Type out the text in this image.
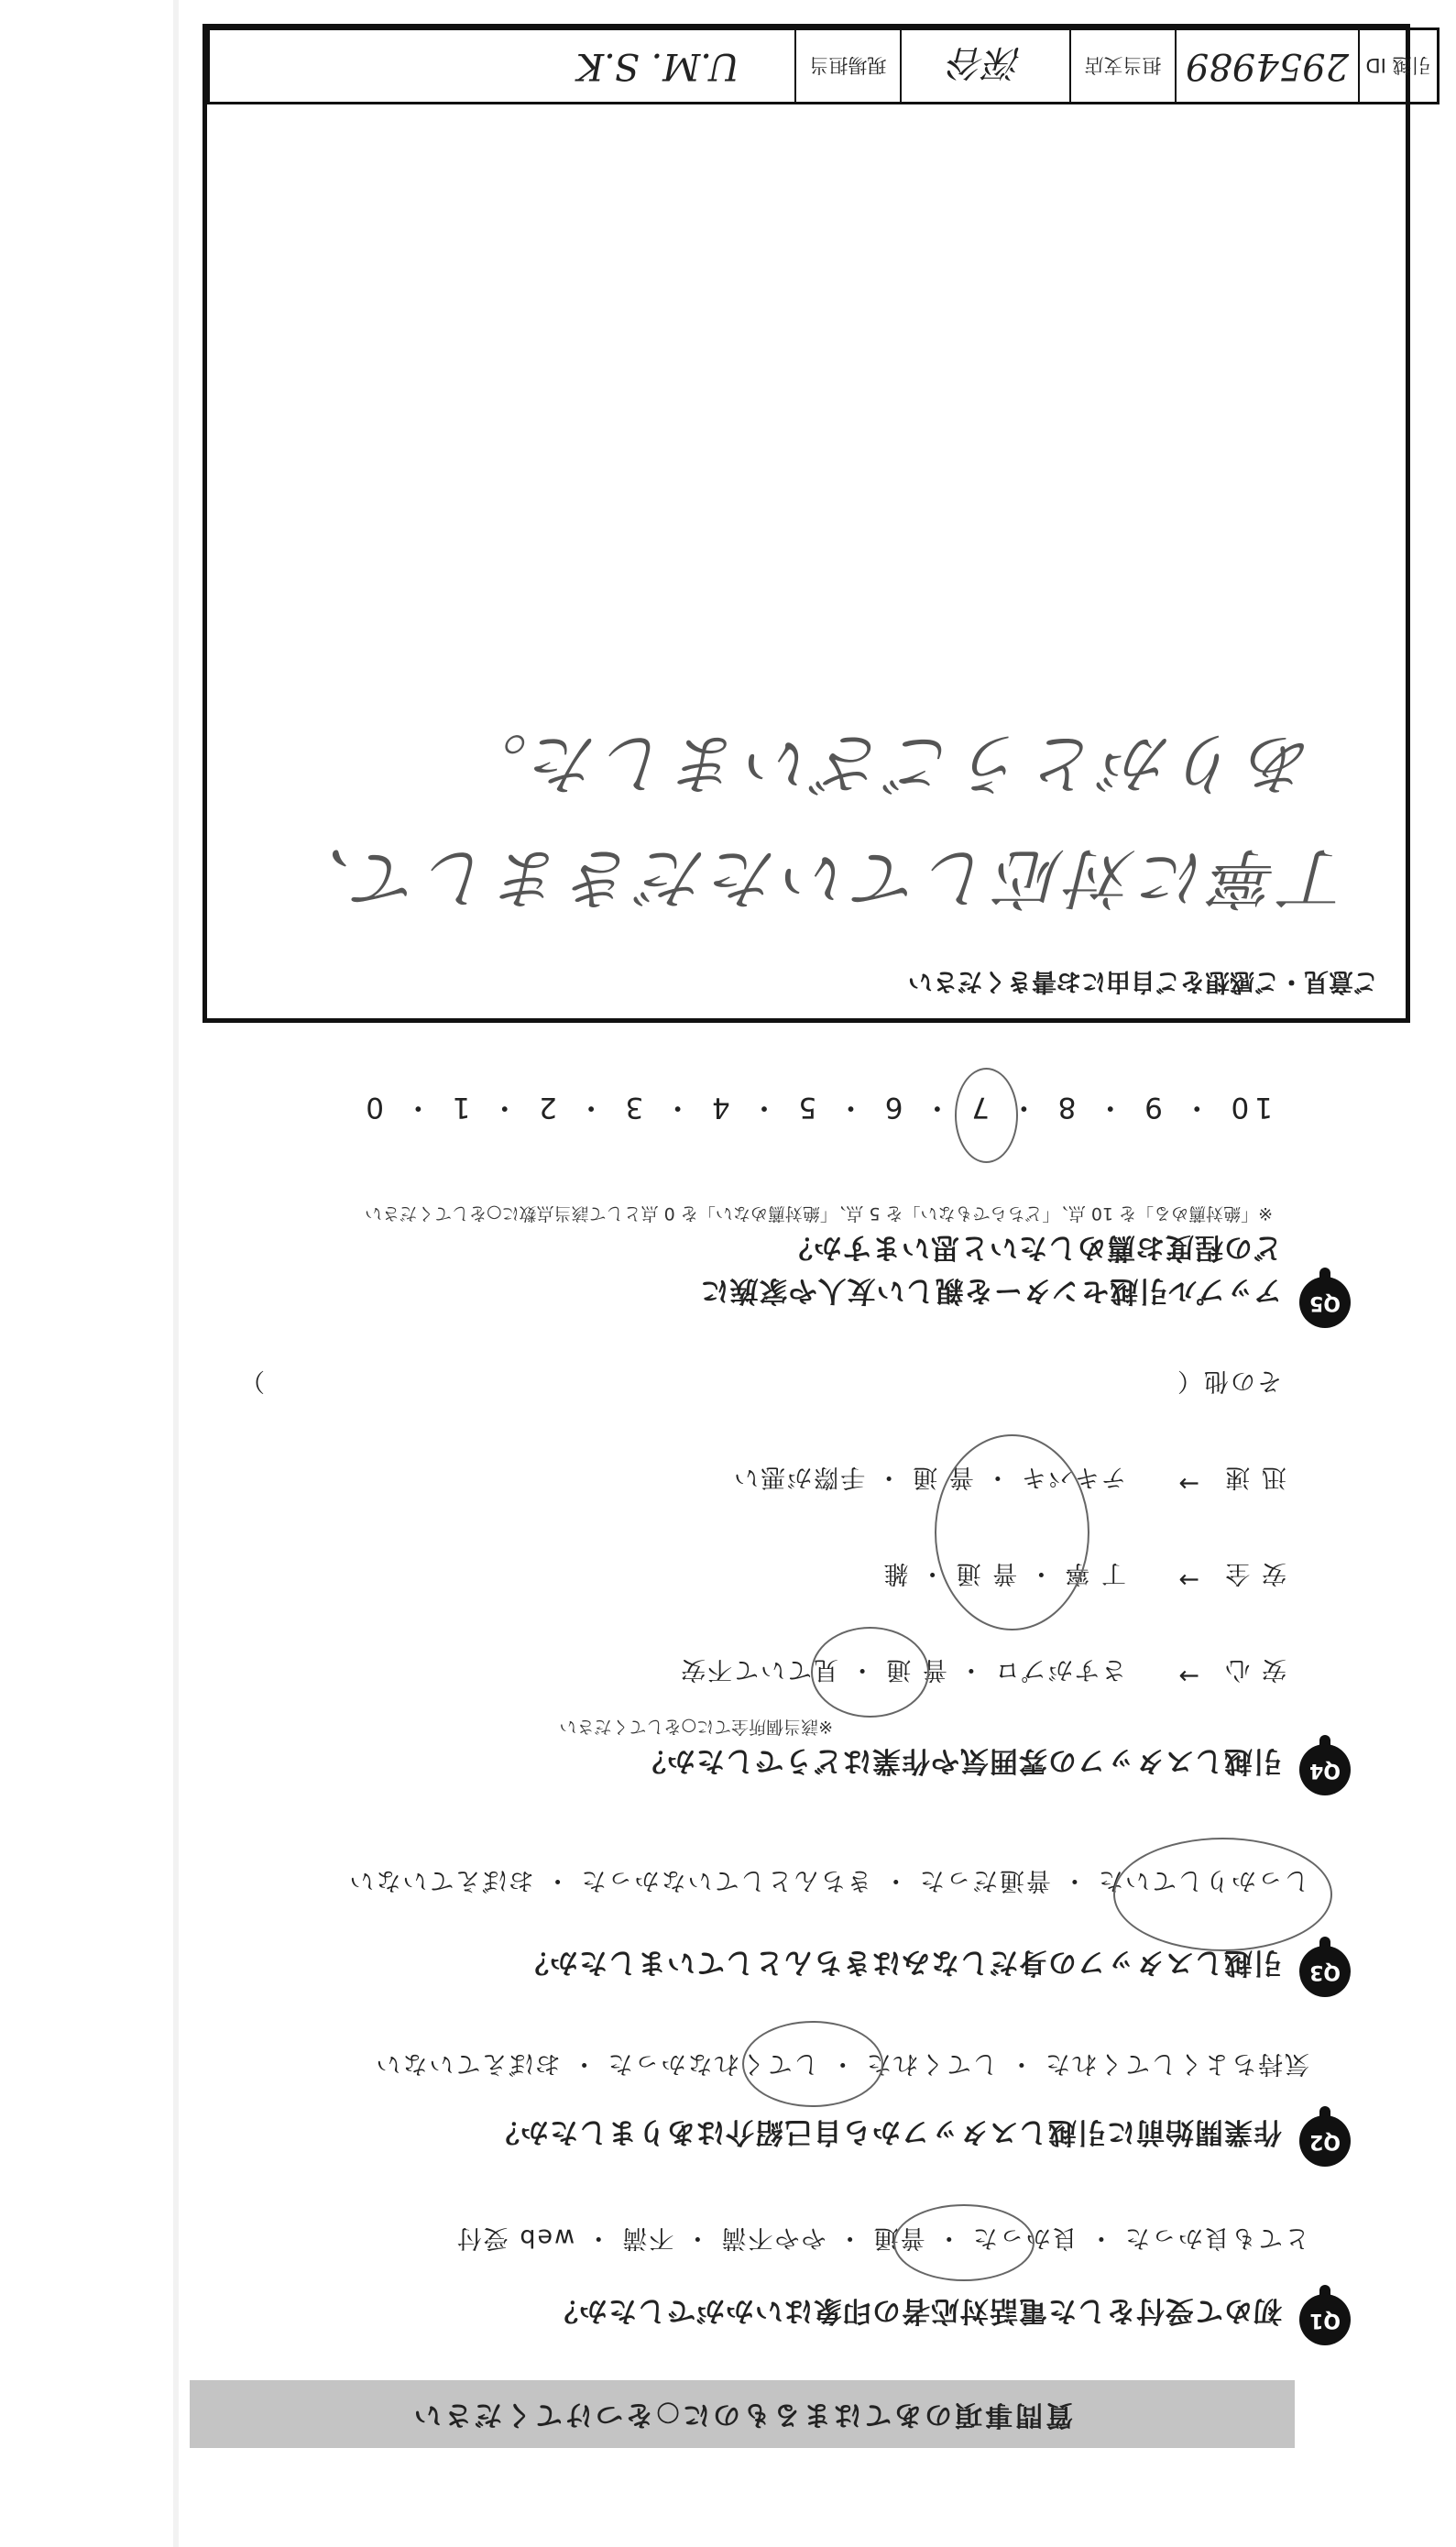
質問事項のあてはまるものに○をつけてください
Q1
初めて受付をした電話対応者の印象はいかがでしたか？
とても良かった ・ 良かった ・ 普通 ・ やや不満 ・ 不満 ・ web 受付
Q2
作業開始前に引越しスタッフから自己紹介はありましたか？
気持ちよくしてくれた ・ してくれた ・ してくれなかった ・ おぼえていない
Q3
引越しスタッフの身だしなみはきちんとしていましたか？
しっかりしていた ・ 普通だった ・ きちんとしていなかった ・ おぼえていない
Q4
引越しスタッフの雰囲気や作業はどうでしたか？
※該当個所全てに○をしてください
安 心
→
さすがプロ ・ 普 通 ・ 見ていて不安
安 全
→
丁 寧 ・ 普 通 ・ 雑
迅 速
→
テキパキ ・ 普 通 ・ 手際が悪い
その他（
）
Q5
アップル引越センターを親しい友人や家族に
どの程度お薦めしたいと思いますか？
※「絶対薦める」を 10 点、「どちらでもない」を 5 点、「絶対薦めない」を 0 点として該当点数に○をしてください
10 ・ 9 ・ 8 ・ 7 ・ 6 ・ 5 ・ 4 ・ 3 ・ 2 ・ 1 ・ 0
ご意見・ご感想をご自由にお書きください
丁寧に対応していただきまして、
ありがとうございました。
引越 ID
2954989
担当支店
深谷
現場担当
U.M. S.K
